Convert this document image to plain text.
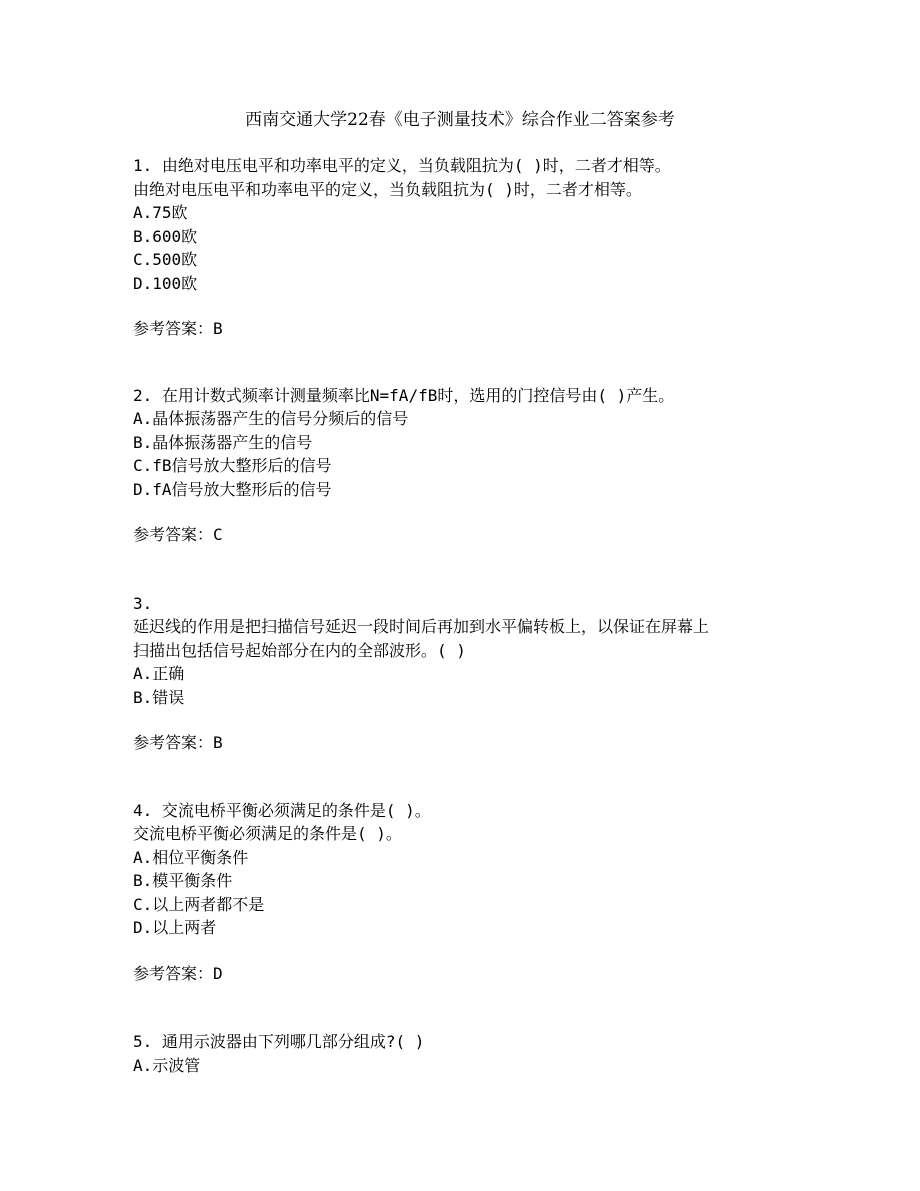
西南交通大学22春《电子测量技术》综合作业二答案参考
1. 由绝对电压电平和功率电平的定义，当负载阻抗为( )时，二者才相等。
由绝对电压电平和功率电平的定义，当负载阻抗为( )时，二者才相等。
A.75欧
B.600欧
C.500欧
D.100欧
参考答案：B
2. 在用计数式频率计测量频率比N=fA/fB时，选用的门控信号由( )产生。
A.晶体振荡器产生的信号分频后的信号
B.晶体振荡器产生的信号
C.fB信号放大整形后的信号
D.fA信号放大整形后的信号
参考答案：C
3.
延迟线的作用是把扫描信号延迟一段时间后再加到水平偏转板上，以保证在屏幕上
扫描出包括信号起始部分在内的全部波形。( )
A.正确
B.错误
参考答案：B
4. 交流电桥平衡必须满足的条件是( )。
交流电桥平衡必须满足的条件是( )。
A.相位平衡条件
B.模平衡条件
C.以上两者都不是
D.以上两者
参考答案：D
5. 通用示波器由下列哪几部分组成?( )
A.示波管
